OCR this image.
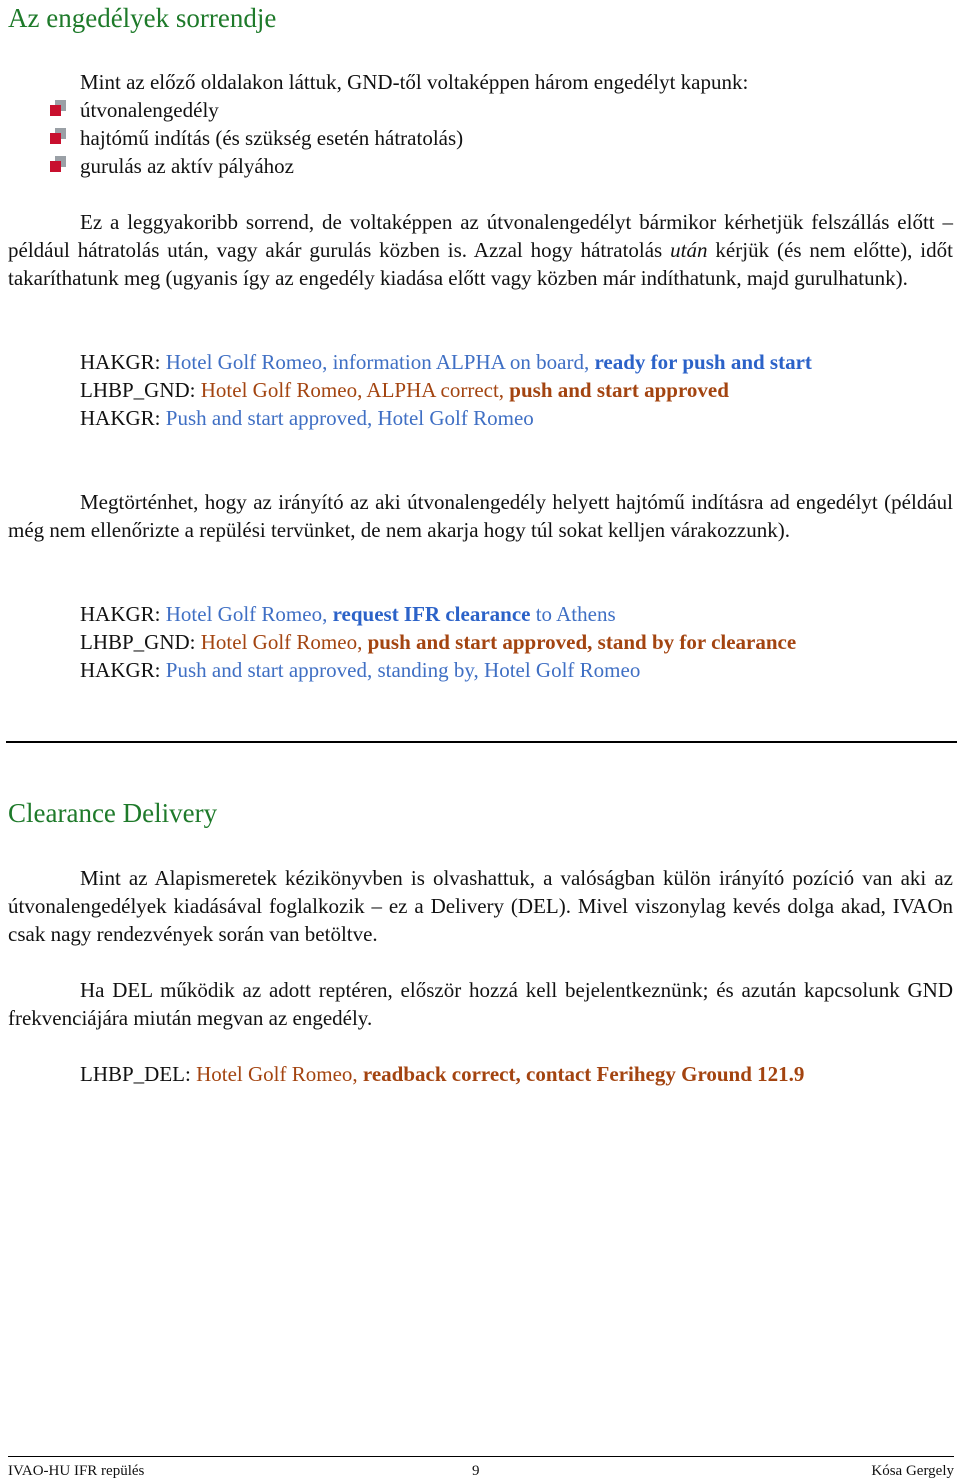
Az engedélyek sorrendje
Mint az előző oldalakon láttuk, GND-től voltaképpen három engedélyt kapunk:
útvonalengedély
hajtómű indítás (és szükség esetén hátratolás)
gurulás az aktív pályához

Ez a leggyakoribb sorrend, de voltaképpen az útvonalengedélyt bármikor kérhetjük felszállás előtt – például hátratolás után, vagy akár gurulás közben is. Azzal hogy hátratolás után kérjük (és nem előtte), időt takaríthatunk meg (ugyanis így az engedély kiadása előtt vagy közben már indíthatunk, majd gurulhatunk).

HAKGR: Hotel Golf Romeo, information ALPHA on board, ready for push and start
LHBP_GND: Hotel Golf Romeo, ALPHA correct, push and start approved
HAKGR: Push and start approved, Hotel Golf Romeo

Megtörténhet, hogy az irányító az aki útvonalengedély helyett hajtómű indításra ad engedélyt (például még nem ellenőrizte a repülési tervünket, de nem akarja hogy túl sokat kelljen várakozzunk).

HAKGR: Hotel Golf Romeo, request IFR clearance to Athens
LHBP_GND: Hotel Golf Romeo, push and start approved, stand by for clearance
HAKGR: Push and start approved, standing by, Hotel Golf Romeo
Clearance Delivery

Mint az Alapismeretek kézikönyvben is olvashattuk, a valóságban külön irányító pozíció van aki az útvonalengedélyek kiadásával foglalkozik – ez a Delivery (DEL). Mivel viszonylag kevés dolga akad, IVAOn csak nagy rendezvények során van betöltve.

Ha DEL működik az adott reptéren, először hozzá kell bejelentkeznünk; és azután kapcsolunk GND frekvenciájára miután megvan az engedély.

LHBP_DEL: Hotel Golf Romeo, readback correct, contact Ferihegy Ground 121.9
IVAO-HU IFR repülés	9	Kósa Gergely
